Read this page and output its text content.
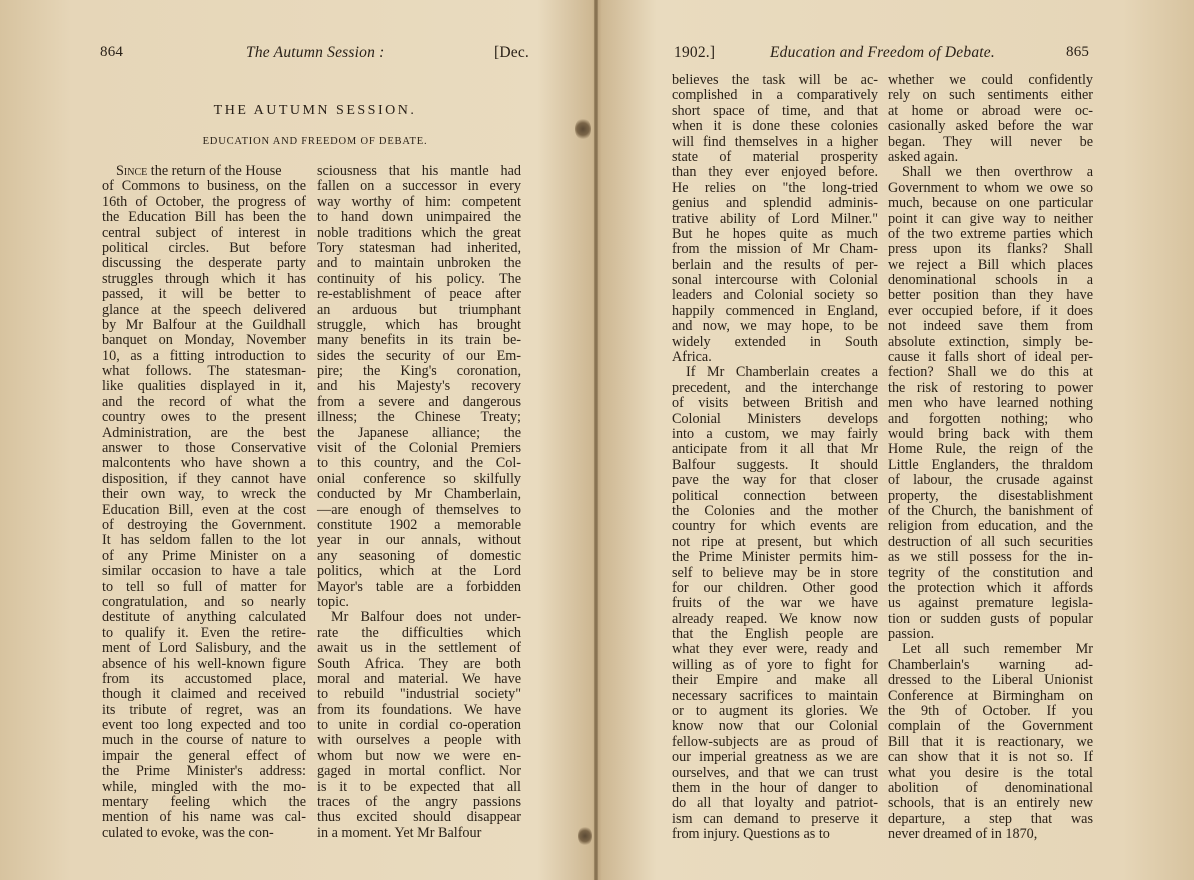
864	The Autumn Session :	[Dec.
THE AUTUMN SESSION.
EDUCATION AND FREEDOM OF DEBATE.
Since the return of the House
of Commons to business, on the
16th of October, the progress of
the Education Bill has been the
central subject of interest in
political circles. But before
discussing the desperate party
struggles through which it has
passed, it will be better to
glance at the speech delivered
by Mr Balfour at the Guildhall
banquet on Monday, November
10, as a fitting introduction to
what follows. The statesman-
like qualities displayed in it,
and the record of what the
country owes to the present
Administration, are the best
answer to those Conservative
malcontents who have shown a
disposition, if they cannot have
their own way, to wreck the
Education Bill, even at the cost
of destroying the Government.
It has seldom fallen to the lot
of any Prime Minister on a
similar occasion to have a tale
to tell so full of matter for
congratulation, and so nearly
destitute of anything calculated
to qualify it. Even the retire-
ment of Lord Salisbury, and the
absence of his well-known figure
from its accustomed place,
though it claimed and received
its tribute of regret, was an
event too long expected and too
much in the course of nature to
impair the general effect of
the Prime Minister's address:
while, mingled with the mo-
mentary feeling which the
mention of his name was cal-
culated to evoke, was the con-
sciousness that his mantle had
fallen on a successor in every
way worthy of him: competent
to hand down unimpaired the
noble traditions which the great
Tory statesman had inherited,
and to maintain unbroken the
continuity of his policy. The
re-establishment of peace after
an arduous but triumphant
struggle, which has brought
many benefits in its train be-
sides the security of our Em-
pire; the King's coronation,
and his Majesty's recovery
from a severe and dangerous
illness; the Chinese Treaty;
the Japanese alliance; the
visit of the Colonial Premiers
to this country, and the Col-
onial conference so skilfully
conducted by Mr Chamberlain,
—are enough of themselves to
constitute 1902 a memorable
year in our annals, without
any seasoning of domestic
politics, which at the Lord
Mayor's table are a forbidden
topic.
Mr Balfour does not under-
rate the difficulties which
await us in the settlement of
South Africa. They are both
moral and material. We have
to rebuild "industrial society"
from its foundations. We have
to unite in cordial co-operation
with ourselves a people with
whom but now we were en-
gaged in mortal conflict. Nor
is it to be expected that all
traces of the angry passions
thus excited should disappear
in a moment. Yet Mr Balfour
1902.]	Education and Freedom of Debate.	865
believes the task will be ac-
complished in a comparatively
short space of time, and that
when it is done these colonies
will find themselves in a higher
state of material prosperity
than they ever enjoyed before.
He relies on "the long-tried
genius and splendid adminis-
trative ability of Lord Milner."
But he hopes quite as much
from the mission of Mr Cham-
berlain and the results of per-
sonal intercourse with Colonial
leaders and Colonial society so
happily commenced in England,
and now, we may hope, to be
widely extended in South
Africa.
If Mr Chamberlain creates a
precedent, and the interchange
of visits between British and
Colonial Ministers develops
into a custom, we may fairly
anticipate from it all that Mr
Balfour suggests. It should
pave the way for that closer
political connection between
the Colonies and the mother
country for which events are
not ripe at present, but which
the Prime Minister permits him-
self to believe may be in store
for our children. Other good
fruits of the war we have
already reaped. We know now
that the English people are
what they ever were, ready and
willing as of yore to fight for
their Empire and make all
necessary sacrifices to maintain
or to augment its glories. We
know now that our Colonial
fellow-subjects are as proud of
our imperial greatness as we are
ourselves, and that we can trust
them in the hour of danger to
do all that loyalty and patriot-
ism can demand to preserve it
from injury. Questions as to
whether we could confidently
rely on such sentiments either
at home or abroad were oc-
casionally asked before the war
began. They will never be
asked again.
Shall we then overthrow a
Government to whom we owe so
much, because on one particular
point it can give way to neither
of the two extreme parties which
press upon its flanks? Shall
we reject a Bill which places
denominational schools in a
better position than they have
ever occupied before, if it does
not indeed save them from
absolute extinction, simply be-
cause it falls short of ideal per-
fection? Shall we do this at
the risk of restoring to power
men who have learned nothing
and forgotten nothing; who
would bring back with them
Home Rule, the reign of the
Little Englanders, the thraldom
of labour, the crusade against
property, the disestablishment
of the Church, the banishment of
religion from education, and the
destruction of all such securities
as we still possess for the in-
tegrity of the constitution and
the protection which it affords
us against premature legisla-
tion or sudden gusts of popular
passion.
Let all such remember Mr
Chamberlain's warning ad-
dressed to the Liberal Unionist
Conference at Birmingham on
the 9th of October. If you
complain of the Government
Bill that it is reactionary, we
can show that it is not so. If
what you desire is the total
abolition of denominational
schools, that is an entirely new
departure, a step that was
never dreamed of in 1870,
